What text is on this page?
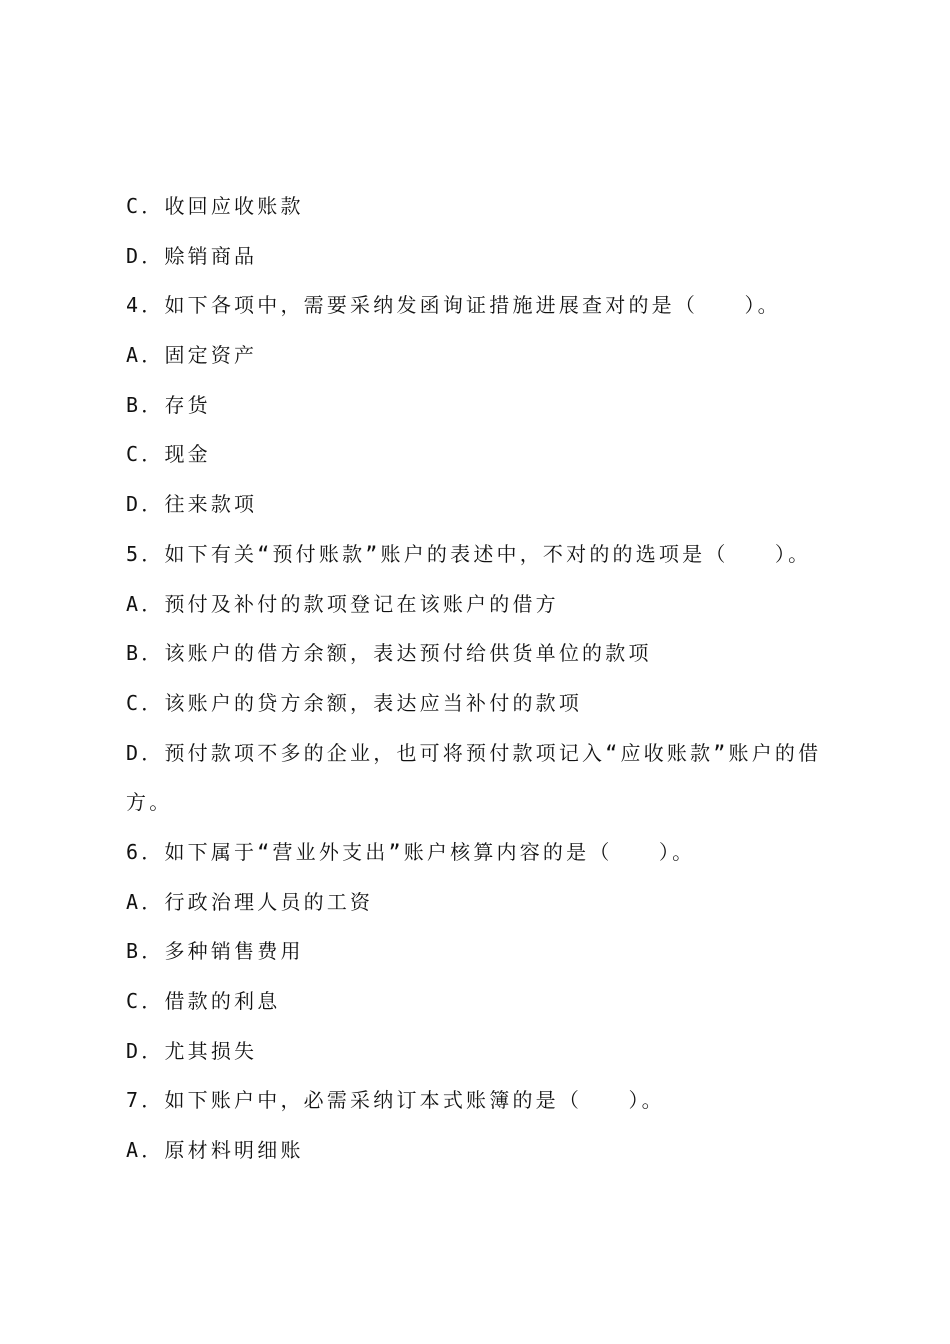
C．收回应收账款
D．赊销商品
4．如下各项中，需要采纳发函询证措施进展查对的是（　　）。
A．固定资产
B．存货
C．现金
D．往来款项
5．如下有关“预付账款”账户的表述中，不对的的选项是（　　）。
A．预付及补付的款项登记在该账户的借方
B．该账户的借方余额，表达预付给供货单位的款项
C．该账户的贷方余额，表达应当补付的款项
D．预付款项不多的企业，也可将预付款项记入“应收账款”账户的借
方。
6．如下属于“营业外支出”账户核算内容的是（　　）。
A．行政治理人员的工资
B．多种销售费用
C．借款的利息
D．尤其损失
7．如下账户中，必需采纳订本式账簿的是（　　）。
A．原材料明细账
